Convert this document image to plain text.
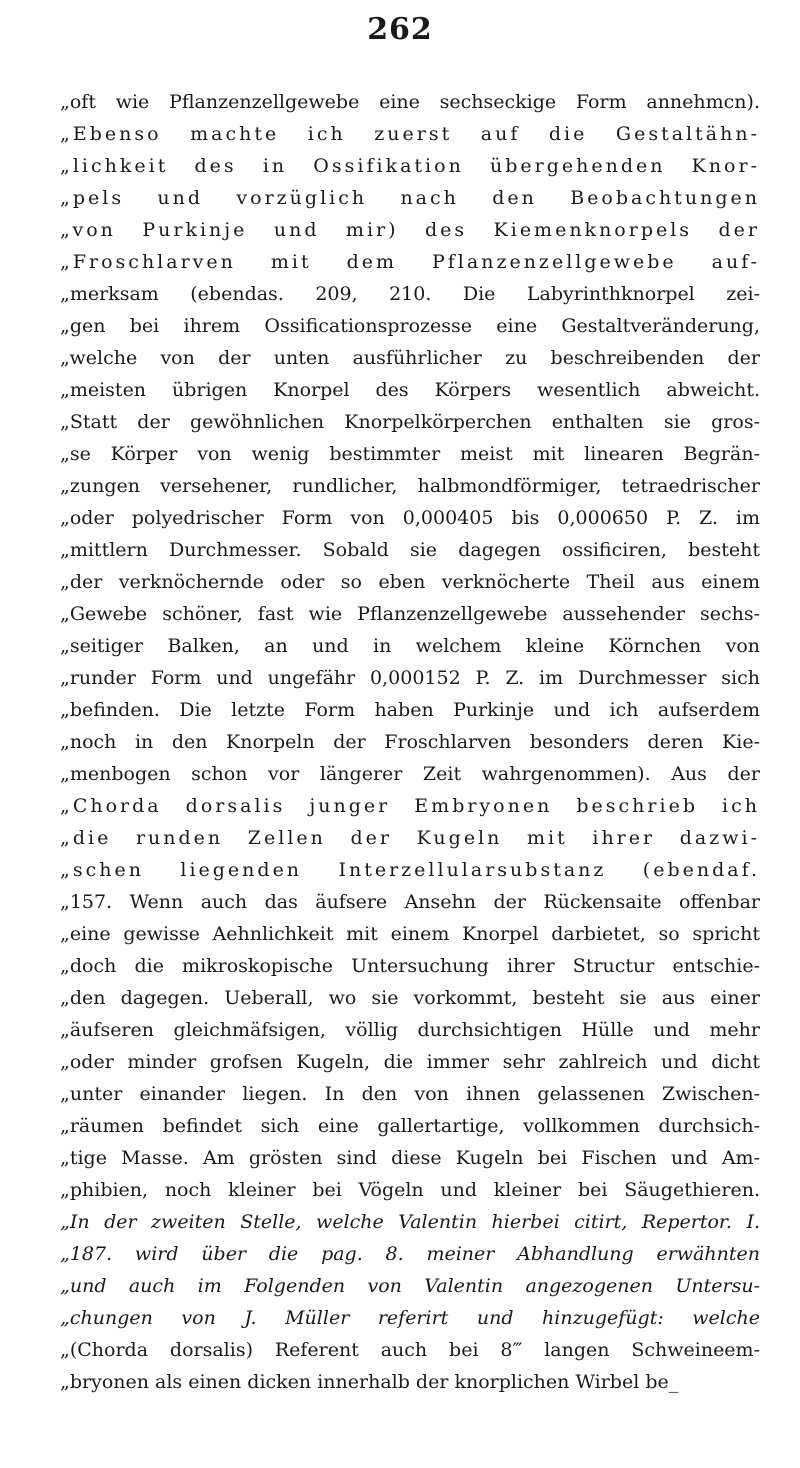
262
„oft wie Pflanzenzellgewebe eine sechseckige Form annehmcn).
„Ebenso machte ich zuerst auf die Gestaltähn-
„lichkeit des in Ossifikation übergehenden Knor-
„pels und vorzüglich nach den Beobachtungen
„von Purkinje und mir) des Kiemenknorpels der
„Froschlarven mit dem Pflanzenzellgewebe auf-
„merksam (ebendas. 209, 210. Die Labyrinthknorpel zei-
„gen bei ihrem Ossificationsprozesse eine Gestaltveränderung,
„welche von der unten ausführlicher zu beschreibenden der
„meisten übrigen Knorpel des Körpers wesentlich abweicht.
„Statt der gewöhnlichen Knorpelkörperchen enthalten sie gros-
„se Körper von wenig bestimmter meist mit linearen Begrän-
„zungen versehener, rundlicher, halbmondförmiger, tetraedrischer
„oder polyedrischer Form von 0,000405 bis 0,000650 P. Z. im
„mittlern Durchmesser. Sobald sie dagegen ossificiren, besteht
„der verknöchernde oder so eben verknöcherte Theil aus einem
„Gewebe schöner, fast wie Pflanzenzellgewebe aussehender sechs-
„seitiger Balken, an und in welchem kleine Körnchen von
„runder Form und ungefähr 0,000152 P. Z. im Durchmesser sich
„befinden. Die letzte Form haben Purkinje und ich aufserdem
„noch in den Knorpeln der Froschlarven besonders deren Kie-
„menbogen schon vor längerer Zeit wahrgenommen). Aus der
„Chorda dorsalis junger Embryonen beschrieb ich
„die runden Zellen der Kugeln mit ihrer dazwi-
„schen liegenden Interzellularsubstanz (ebendaf.
„157. Wenn auch das äufsere Ansehn der Rückensaite offenbar
„eine gewisse Aehnlichkeit mit einem Knorpel darbietet, so spricht
„doch die mikroskopische Untersuchung ihrer Structur entschie-
„den dagegen. Ueberall, wo sie vorkommt, besteht sie aus einer
„äufseren gleichmäfsigen, völlig durchsichtigen Hülle und mehr
„oder minder grofsen Kugeln, die immer sehr zahlreich und dicht
„unter einander liegen. In den von ihnen gelassenen Zwischen-
„räumen befindet sich eine gallertartige, vollkommen durchsich-
„tige Masse. Am grösten sind diese Kugeln bei Fischen und Am-
„phibien, noch kleiner bei Vögeln und kleiner bei Säugethieren.
„In der zweiten Stelle, welche Valentin hierbei citirt, Repertor. I.
„187. wird über die pag. 8. meiner Abhandlung erwähnten
„und auch im Folgenden von Valentin angezogenen Untersu-
„chungen von J. Müller referirt und hinzugefügt: welche
„(Chorda dorsalis) Referent auch bei 8‴ langen Schweineem-
„bryonen als einen dicken innerhalb der knorplichen Wirbel be_
